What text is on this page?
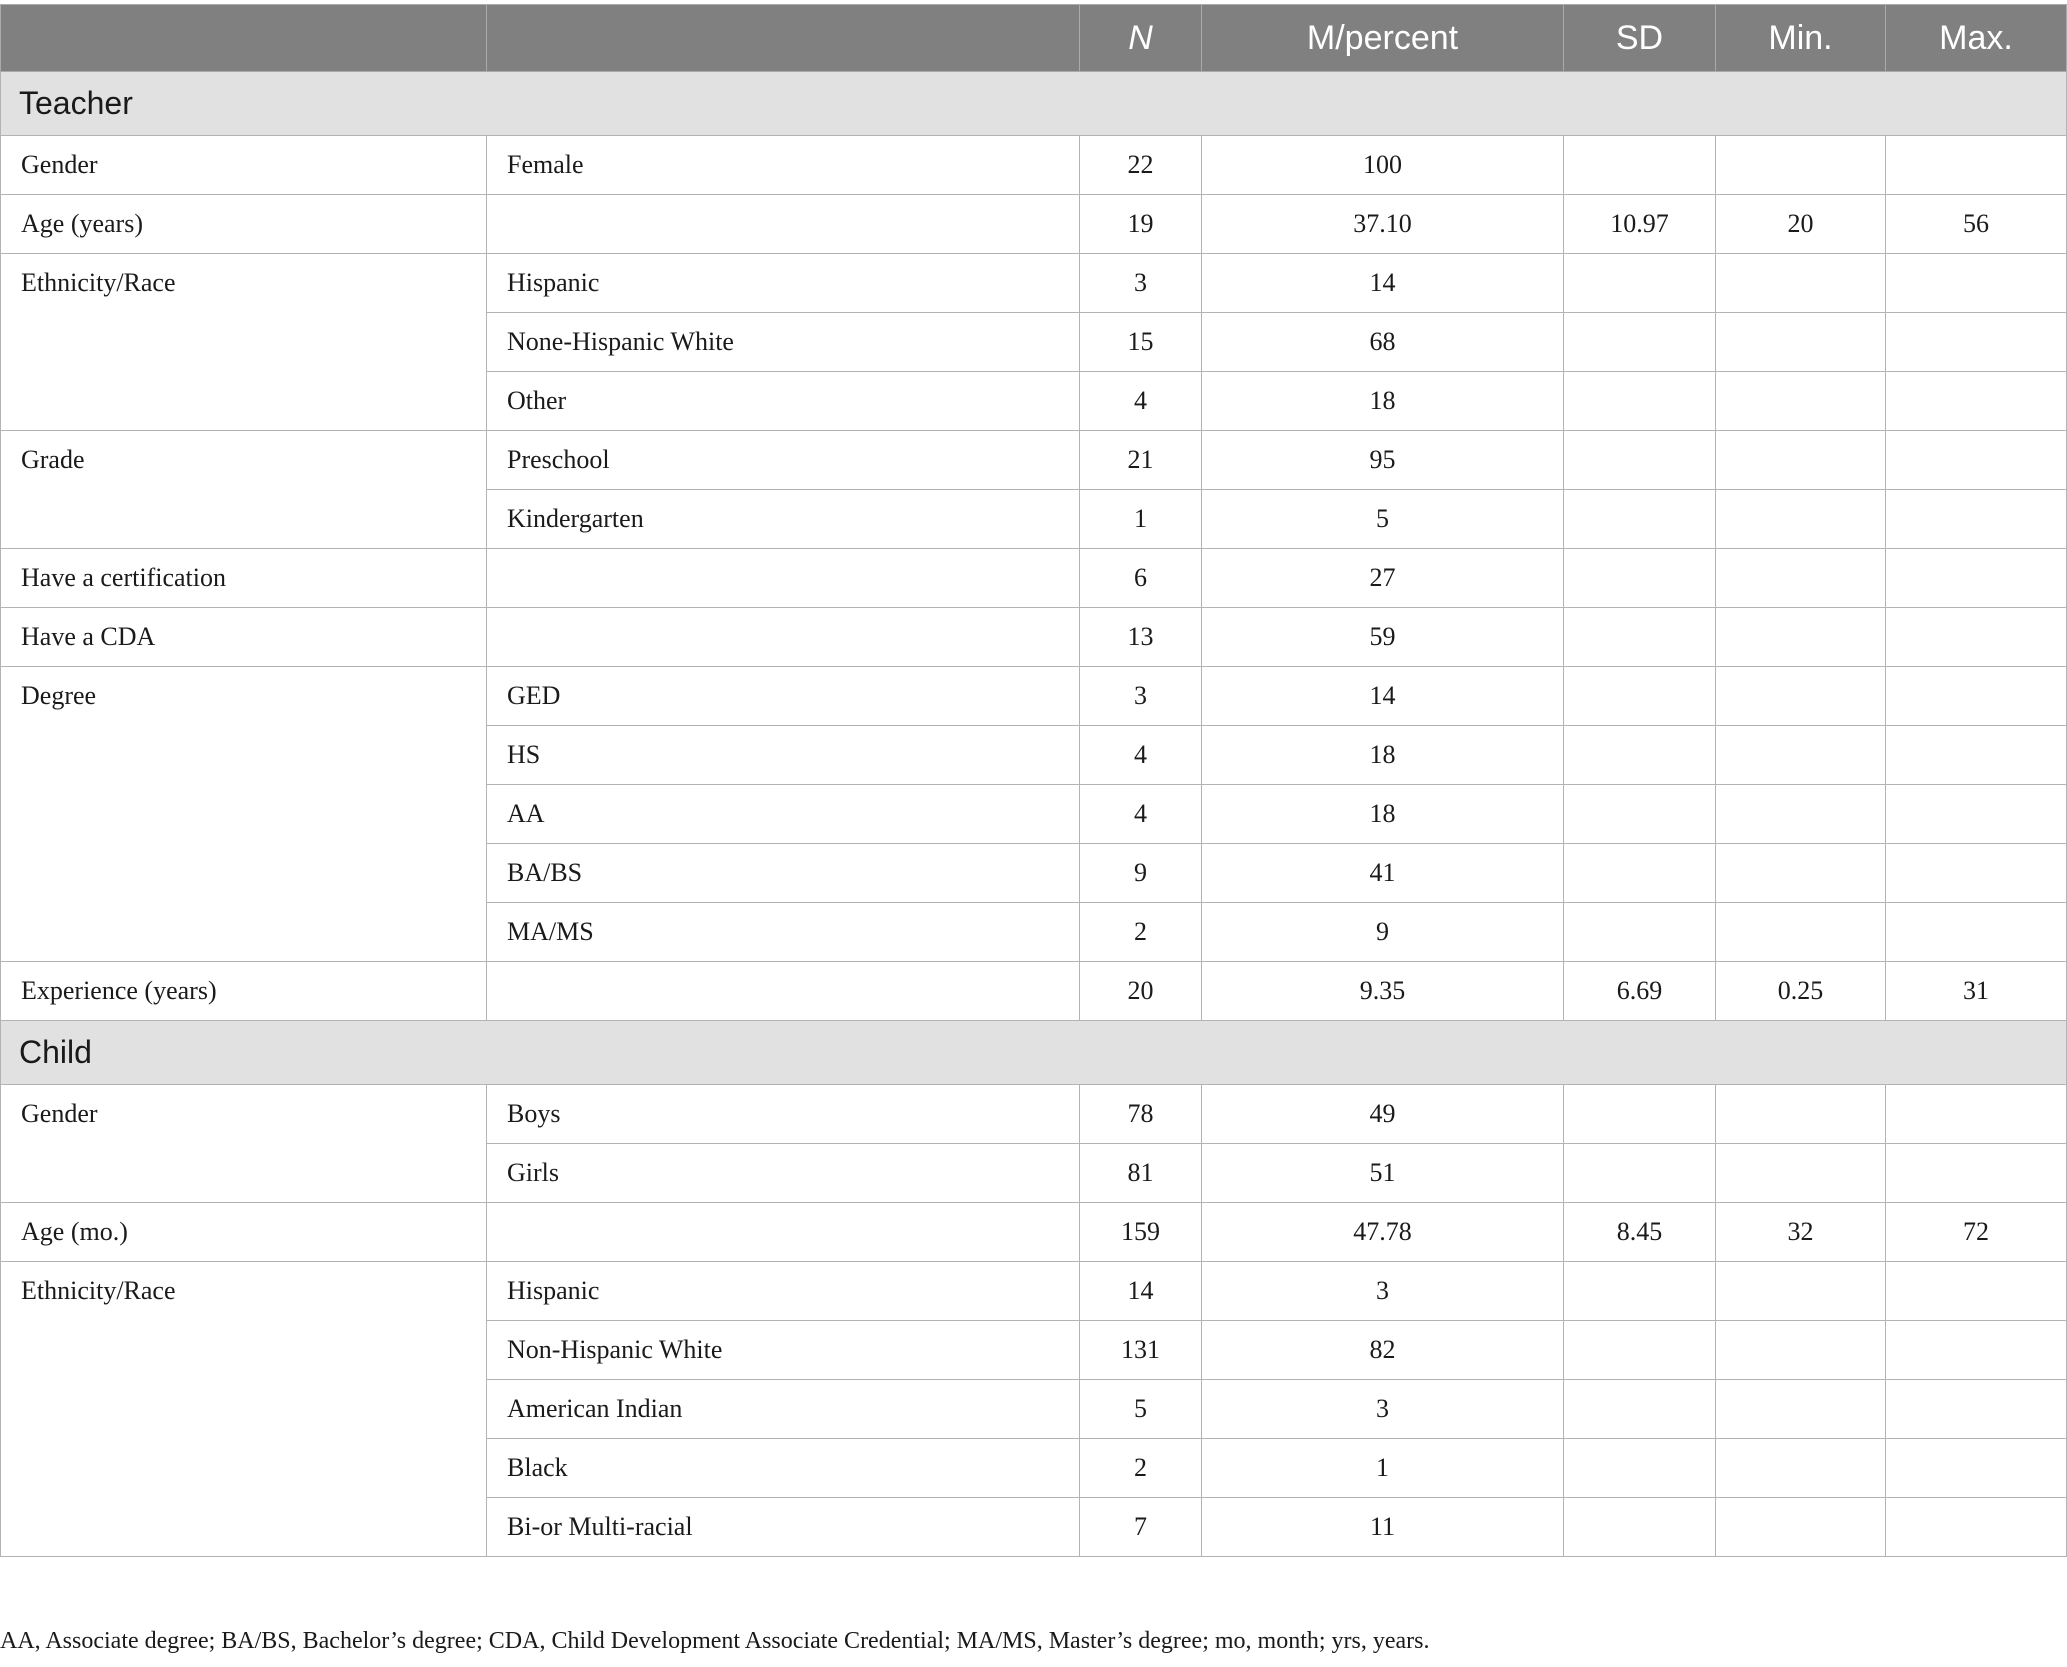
		N	M/percent	SD	Min.	Max.
Teacher						
Gender	Female	22	100			
Age (years)		19	37.10	10.97	20	56
Ethnicity/Race	Hispanic	3	14			
	None-Hispanic White	15	68			
	Other	4	18			
Grade	Preschool	21	95			
	Kindergarten	1	5			
Have a certification		6	27			
Have a CDA		13	59			
Degree	GED	3	14			
	HS	4	18			
	AA	4	18			
	BA/BS	9	41			
	MA/MS	2	9			
Experience (years)		20	9.35	6.69	0.25	31
Child						
Gender	Boys	78	49			
	Girls	81	51			
Age (mo.)		159	47.78	8.45	32	72
Ethnicity/Race	Hispanic	14	3			
	Non-Hispanic White	131	82			
	American Indian	5	3			
	Black	2	1			
	Bi-or Multi-racial	7	11			
AA, Associate degree; BA/BS, Bachelor’s degree; CDA, Child Development Associate Credential; MA/MS, Master’s degree; mo, month; yrs, years.
